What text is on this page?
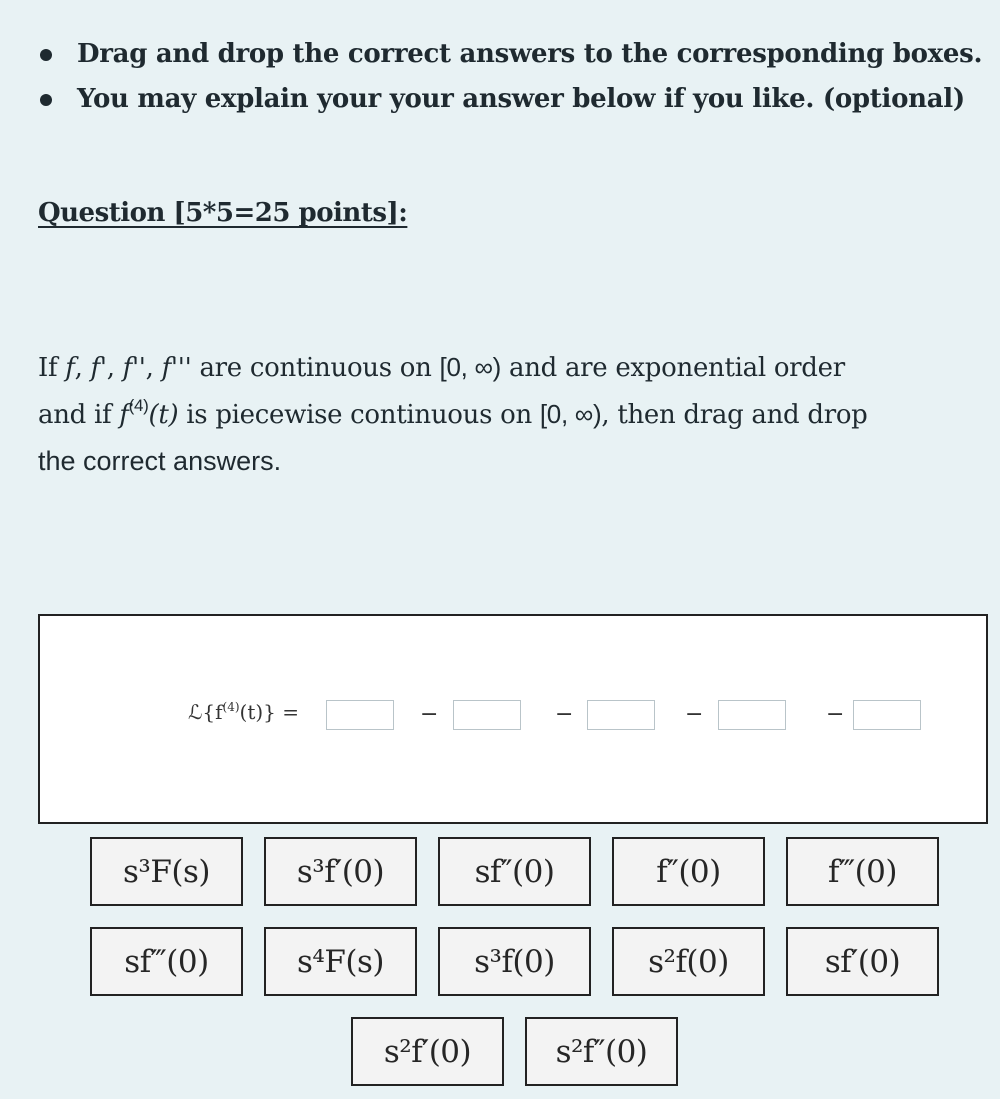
Drag and drop the correct answers to the corresponding boxes.
You may explain your your answer below if you like. (optional)
Question [5*5=25 points]:
If f, f', f'', f''' are continuous on [0, ∞) and are exponential order
and if $f^{(4)}(t)$ is piecewise continuous on [0, ∞), then drag and drop
the correct answers.
$ℒ\{f^{(4)}(t)\}$ =	−	−	−	−
s³F(s)	s³f′(0)	sf″(0)	f″(0)	f‴(0)
sf‴(0)	s⁴F(s)	s³f(0)	s²f(0)	sf′(0)
s²f′(0)	s²f″(0)
